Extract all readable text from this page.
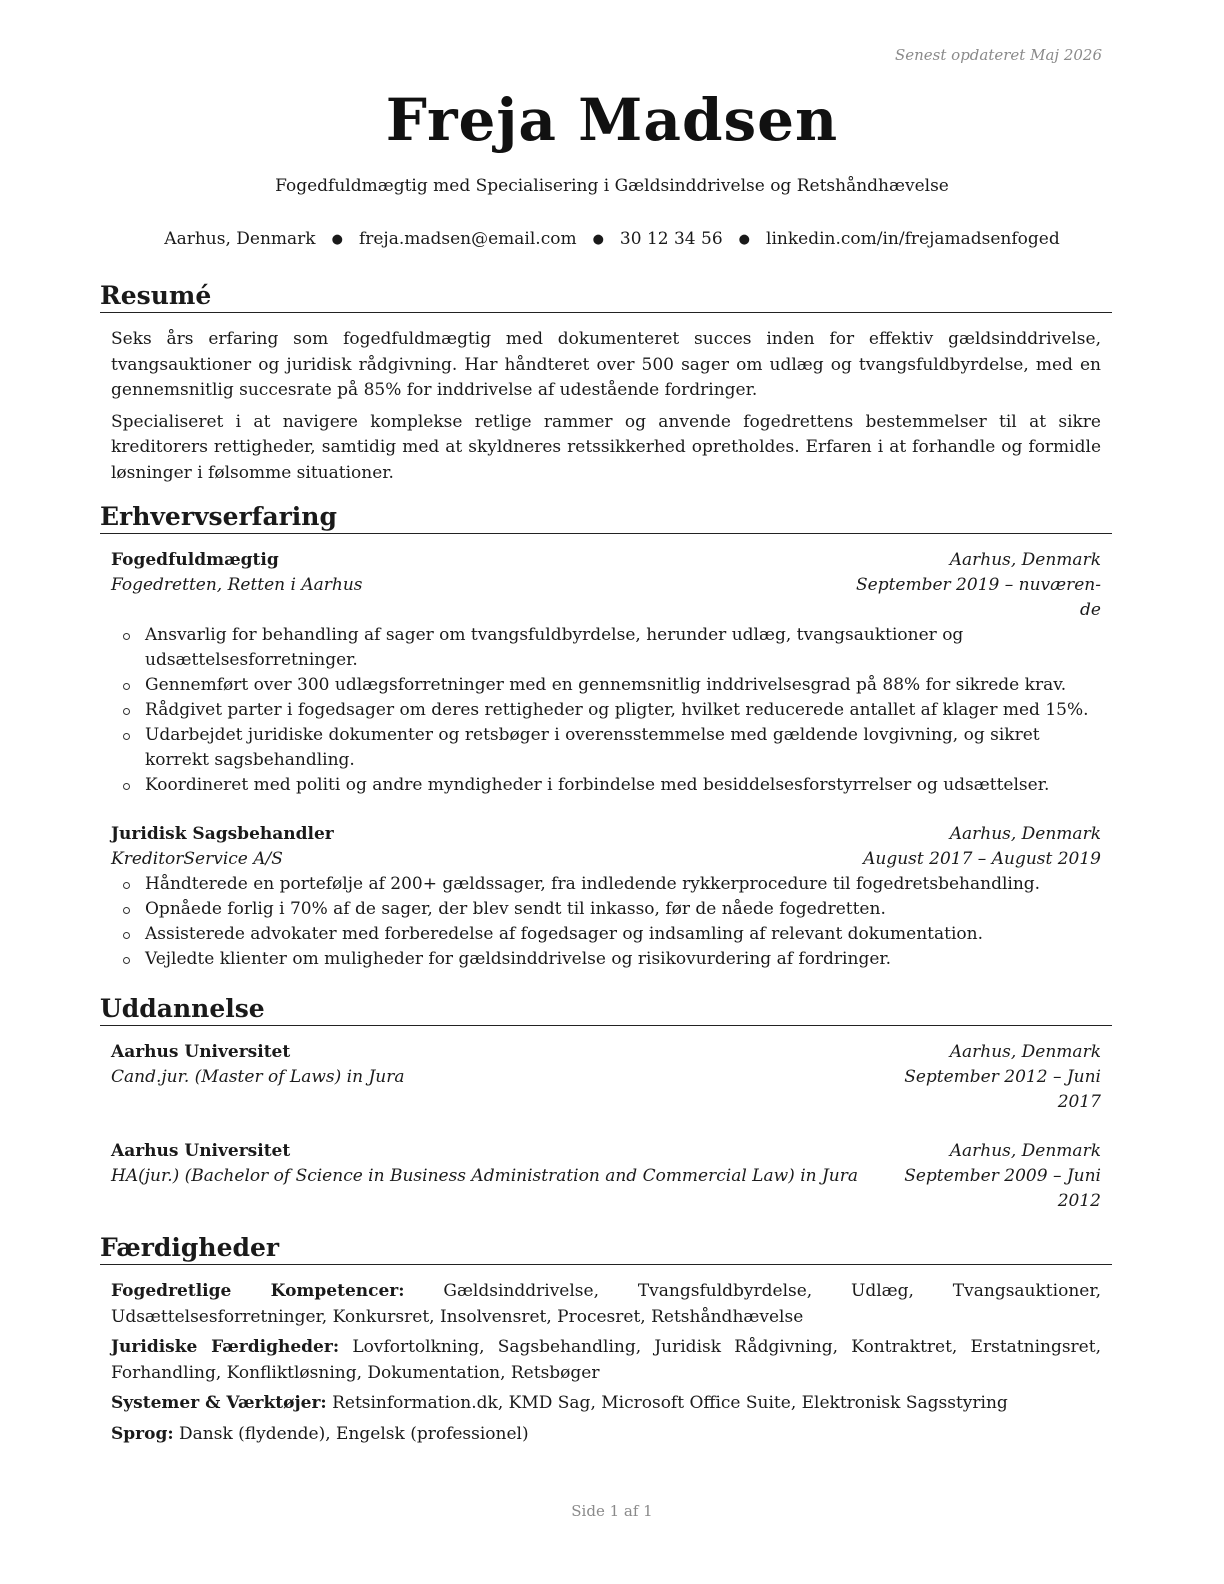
Senest opdateret Maj 2026
Freja Madsen
Fogedfuldmægtig med Specialisering i Gældsinddrivelse og Retshåndhævelse
Aarhus, Denmark ● freja.madsen@email.com ● 30 12 34 56 ● linkedin.com/in/frejamadsenfoged
Resumé

Seks års erfaring som fogedfuldmægtig med dokumenteret succes inden for effektiv gældsinddrivelse, tvangsauktioner og juridisk rådgivning. Har håndteret over 500 sager om udlæg og tvangsfuldbyrdelse, med en gennemsnitlig succesrate på 85% for inddrivelse af udestående fordringer.

Specialiseret i at navigere komplekse retlige rammer og anvende fogedrettens bestemmelser til at sikre kreditorers rettigheder, samtidig med at skyldneres retssikkerhed opretholdes. Erfaren i at forhandle og formidle løsninger i følsomme situationer.

Erhvervserfaring
Fogedfuldmægtig	Aarhus, Denmark
Fogedretten, Retten i Aarhus	September 2019 – nuværen-
de
Ansvarlig for behandling af sager om tvangsfuldbyrdelse, herunder udlæg, tvangsauktioner og udsættelsesforretninger.
Gennemført over 300 udlægsforretninger med en gennemsnitlig inddrivelsesgrad på 88% for sikrede krav.
Rådgivet parter i fogedsager om deres rettigheder og pligter, hvilket reducerede antallet af klager med 15%.
Udarbejdet juridiske dokumenter og retsbøger i overensstemmelse med gældende lovgivning, og sikret korrekt sagsbehandling.
Koordineret med politi og andre myndigheder i forbindelse med besiddelsesforstyrrelser og udsættelser.
Juridisk Sagsbehandler	Aarhus, Denmark
KreditorService A/S	August 2017 – August 2019
Håndterede en portefølje af 200+ gældssager, fra indledende rykkerprocedure til fogedretsbehandling.
Opnåede forlig i 70% af de sager, der blev sendt til inkasso, før de nåede fogedretten.
Assisterede advokater med forberedelse af fogedsager og indsamling af relevant dokumentation.
Vejledte klienter om muligheder for gældsinddrivelse og risikovurdering af fordringer.
Uddannelse
Aarhus Universitet	Aarhus, Denmark
Cand.jur. (Master of Laws) in Jura	September 2012 – Juni
2017
Aarhus Universitet	Aarhus, Denmark
HA(jur.) (Bachelor of Science in Business Administration and Commercial Law) in Jura	September 2009 – Juni
2012
Færdigheder

Fogedretlige Kompetencer: Gældsinddrivelse, Tvangsfuldbyrdelse, Udlæg, Tvangsauktioner, Udsættelsesforretninger, Konkursret, Insolvensret, Procesret, Retshåndhævelse

Juridiske Færdigheder: Lovfortolkning, Sagsbehandling, Juridisk Rådgivning, Kontraktret, Erstatningsret, Forhandling, Konfliktløsning, Dokumentation, Retsbøger

Systemer & Værktøjer: Retsinformation.dk, KMD Sag, Microsoft Office Suite, Elektronisk Sagsstyring

Sprog: Dansk (flydende), Engelsk (professionel)

Side 1 af 1
